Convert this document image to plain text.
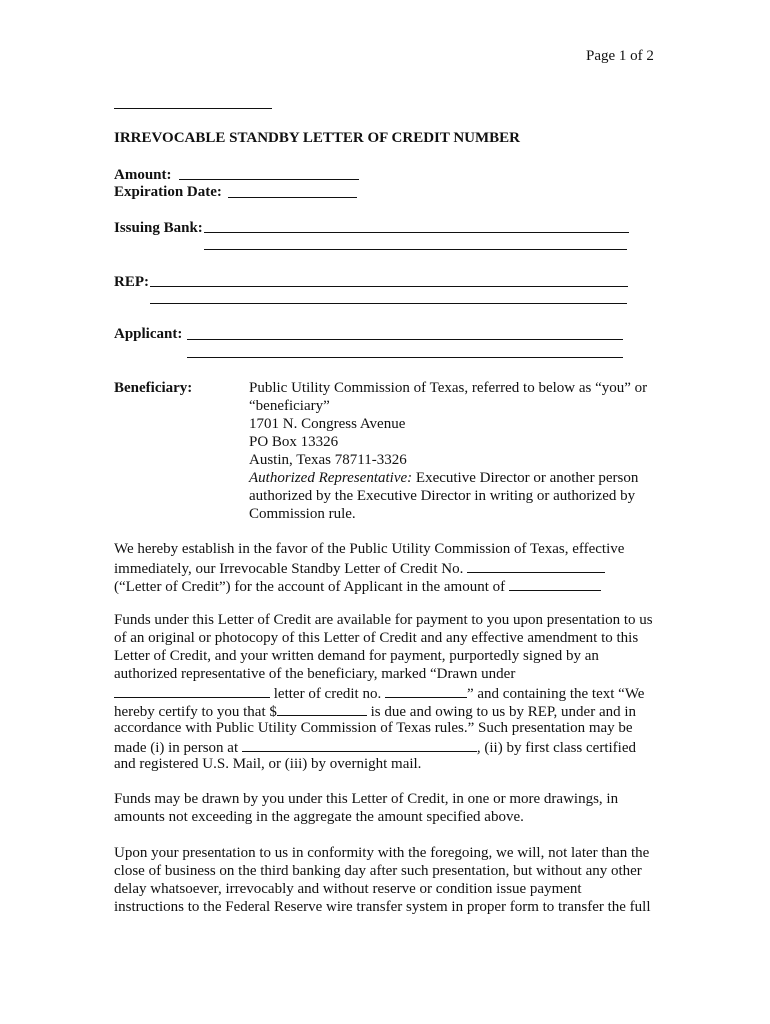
Page 1 of 2
IRREVOCABLE STANDBY LETTER OF CREDIT NUMBER
Amount:
Expiration Date:
Issuing Bank:
REP:
Applicant:
Beneficiary:	Public Utility Commission of Texas, referred to below as “you” or
“beneficiary”
1701 N. Congress Avenue
PO Box 13326
Austin, Texas 78711-3326
Authorized Representative: Executive Director or another person
authorized by the Executive Director in writing or authorized by
Commission rule.
We hereby establish in the favor of the Public Utility Commission of Texas, effective
immediately, our Irrevocable Standby Letter of Credit No.
(“Letter of Credit”) for the account of Applicant in the amount of
Funds under this Letter of Credit are available for payment to you upon presentation to us
of an original or photocopy of this Letter of Credit and any effective amendment to this
Letter of Credit, and your written demand for payment, purportedly signed by an
authorized representative of the beneficiary, marked “Drawn under
letter of credit no.	” and containing the text “We
hereby certify to you that $	is due and owing to us by REP, under and in
accordance with Public Utility Commission of Texas rules.” Such presentation may be
made (i) in person at	, (ii) by first class certified
and registered U.S. Mail, or (iii) by overnight mail.
Funds may be drawn by you under this Letter of Credit, in one or more drawings, in
amounts not exceeding in the aggregate the amount specified above.
Upon your presentation to us in conformity with the foregoing, we will, not later than the
close of business on the third banking day after such presentation, but without any other
delay whatsoever, irrevocably and without reserve or condition issue payment
instructions to the Federal Reserve wire transfer system in proper form to transfer the full
